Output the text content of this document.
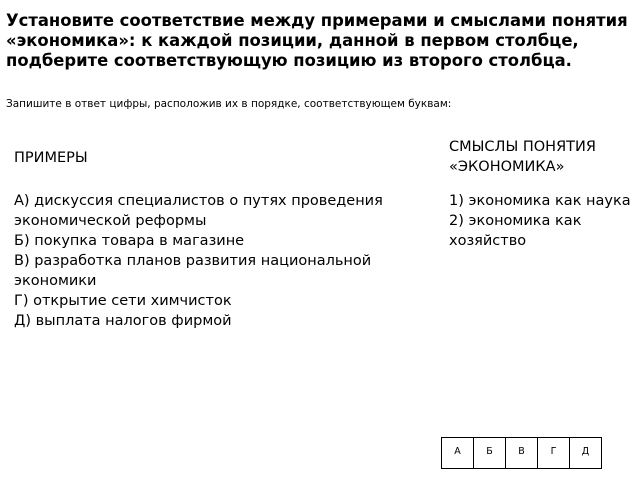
Установите соответствие между примерами и смыслами понятия «экономика»: к каждой позиции, данной в первом столбце, подберите соответствующую позицию из второго столбца.
Запишите в ответ цифры, расположив их в порядке, соответствующем буквам:
ПРИМЕРЫ
СМЫСЛЫ ПОНЯТИЯ «ЭКОНОМИКА»
А) дискуссия специалистов о путях проведения экономической реформы
Б) покупка товара в магазине
В) разработка планов развития национальной экономики
Г) открытие сети химчисток
Д) выплата налогов фирмой
1) экономика как наука
2) экономика как хозяйство
А	Б	В	Г	Д
